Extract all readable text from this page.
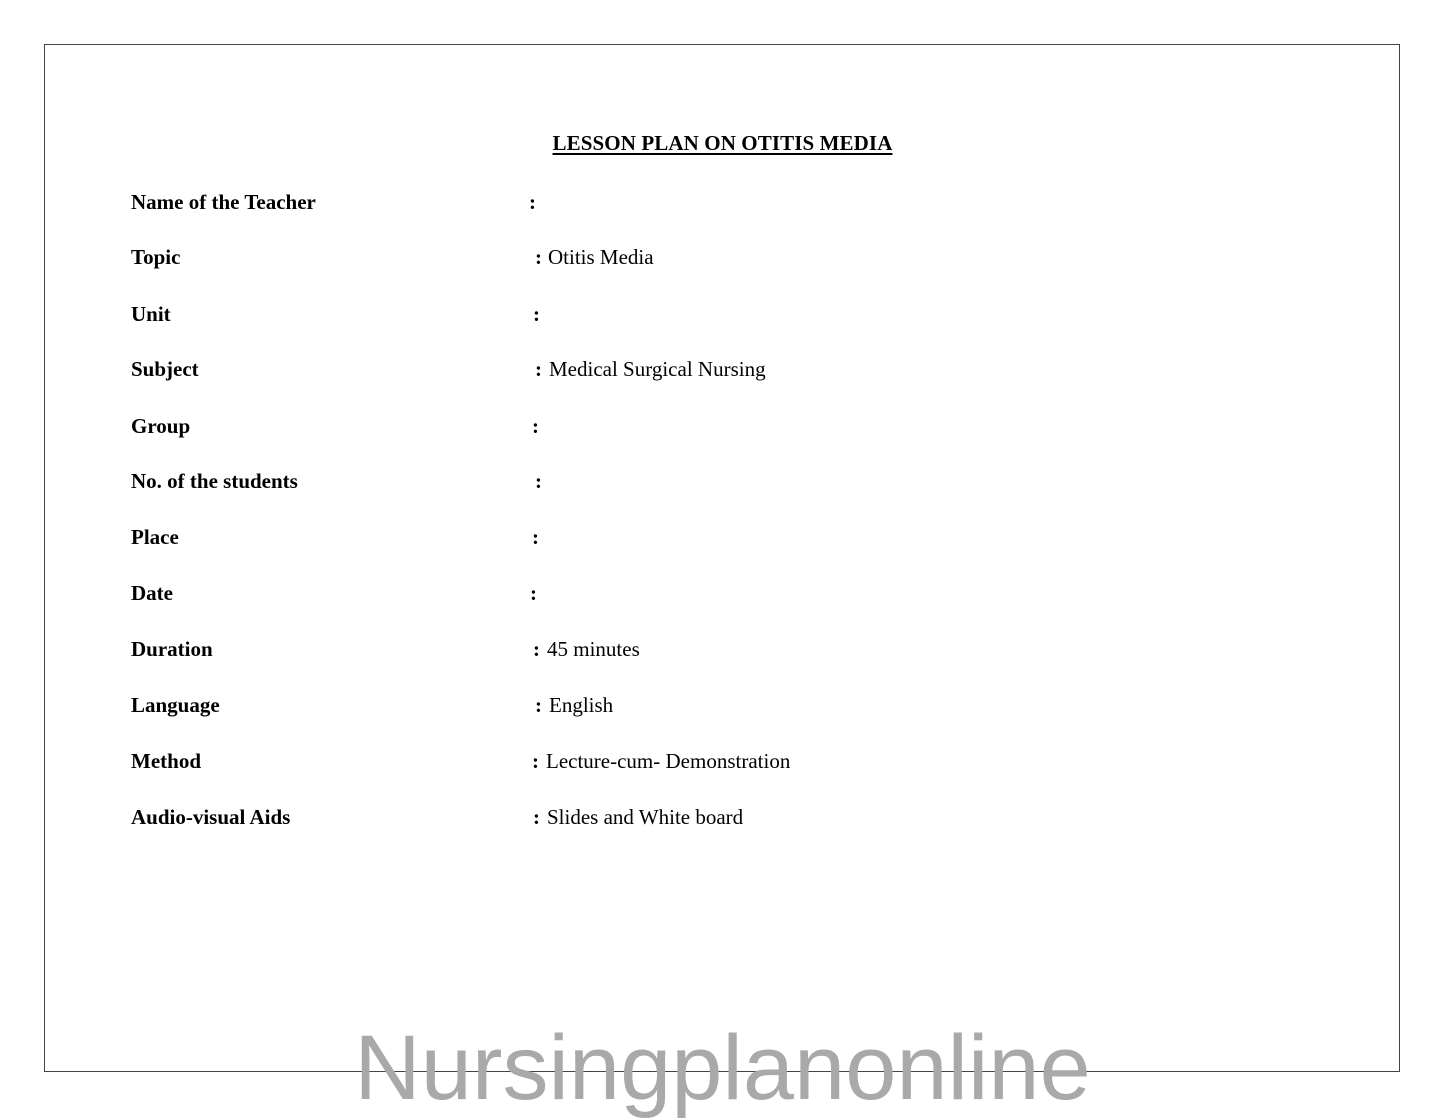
LESSON PLAN ON OTITIS MEDIA
Name of the Teacher	:
Topic	: Otitis Media
Unit	:
Subject	: Medical Surgical Nursing
Group	:
No. of the students	:
Place	:
Date	:
Duration	: 45 minutes
Language	: English
Method	: Lecture-cum- Demonstration
Audio-visual Aids	: Slides and White board
Nursingplanonline
